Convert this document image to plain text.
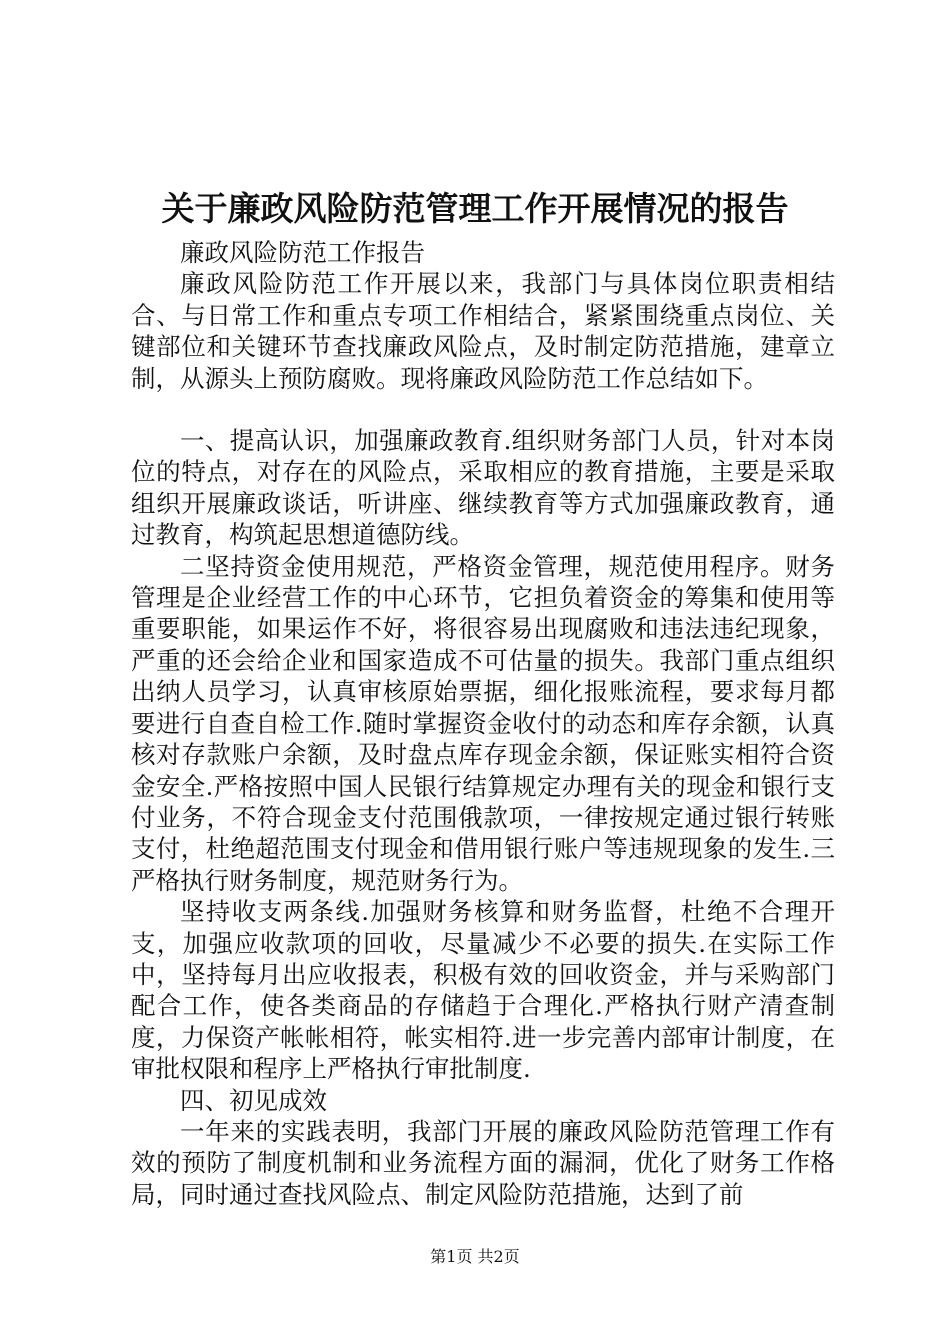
关于廉政风险防范管理工作开展情况的报告

廉政风险防范工作报告

廉政风险防范工作开展以来，我部门与具体岗位职责相结合、与日常工作和重点专项工作相结合，紧紧围绕重点岗位、关键部位和关键环节查找廉政风险点，及时制定防范措施，建章立制，从源头上预防腐败。现将廉政风险防范工作总结如下。

一、提高认识，加强廉政教育.组织财务部门人员，针对本岗位的特点，对存在的风险点，采取相应的教育措施，主要是采取组织开展廉政谈话，听讲座、继续教育等方式加强廉政教育，通过教育，构筑起思想道德防线。

二坚持资金使用规范，严格资金管理，规范使用程序。财务管理是企业经营工作的中心环节，它担负着资金的筹集和使用等重要职能，如果运作不好，将很容易出现腐败和违法违纪现象，严重的还会给企业和国家造成不可估量的损失。我部门重点组织出纳人员学习，认真审核原始票据，细化报账流程，要求每月都要进行自查自检工作.随时掌握资金收付的动态和库存余额，认真核对存款账户余额，及时盘点库存现金余额，保证账实相符合资金安全.严格按照中国人民银行结算规定办理有关的现金和银行支付业务，不符合现金支付范围俄款项，一律按规定通过银行转账支付，杜绝超范围支付现金和借用银行账户等违规现象的发生.三严格执行财务制度，规范财务行为。

坚持收支两条线.加强财务核算和财务监督，杜绝不合理开支，加强应收款项的回收，尽量减少不必要的损失.在实际工作中，坚持每月出应收报表，积极有效的回收资金，并与采购部门配合工作，使各类商品的存储趋于合理化.严格执行财产清查制度，力保资产帐帐相符，帐实相符.进一步完善内部审计制度，在审批权限和程序上严格执行审批制度.

四、初见成效

一年来的实践表明，我部门开展的廉政风险防范管理工作有效的预防了制度机制和业务流程方面的漏洞，优化了财务工作格局，同时通过查找风险点、制定风险防范措施，达到了前

第1页 共2页
